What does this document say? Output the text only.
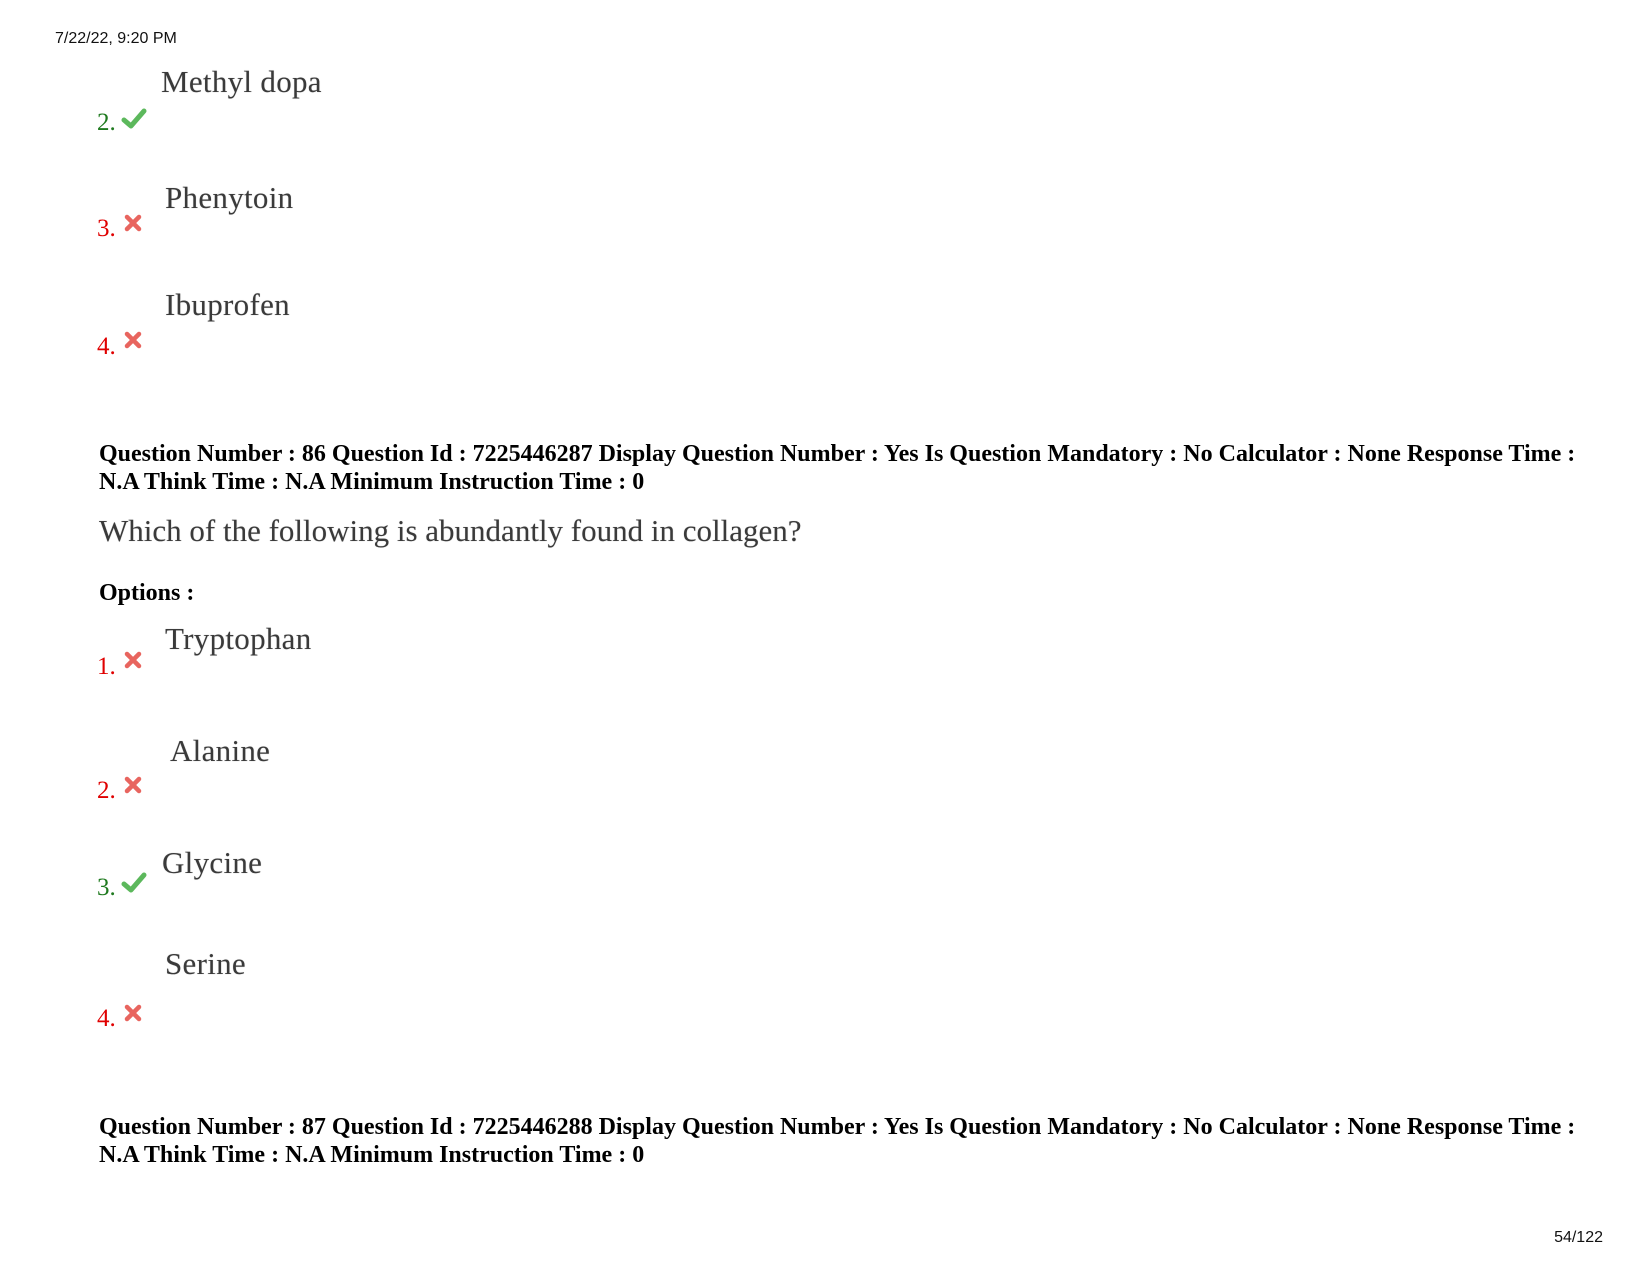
7/22/22, 9:20 PM
Methyl dopa
2.
Phenytoin
3.
Ibuprofen
4.
Question Number : 86 Question Id : 7225446287 Display Question Number : Yes Is Question Mandatory : No Calculator : None Response Time : N.A Think Time : N.A Minimum Instruction Time : 0
Which of the following is abundantly found in collagen?
Options :
Tryptophan
1.
Alanine
2.
Glycine
3.
Serine
4.
Question Number : 87 Question Id : 7225446288 Display Question Number : Yes Is Question Mandatory : No Calculator : None Response Time : N.A Think Time : N.A Minimum Instruction Time : 0
54/122
